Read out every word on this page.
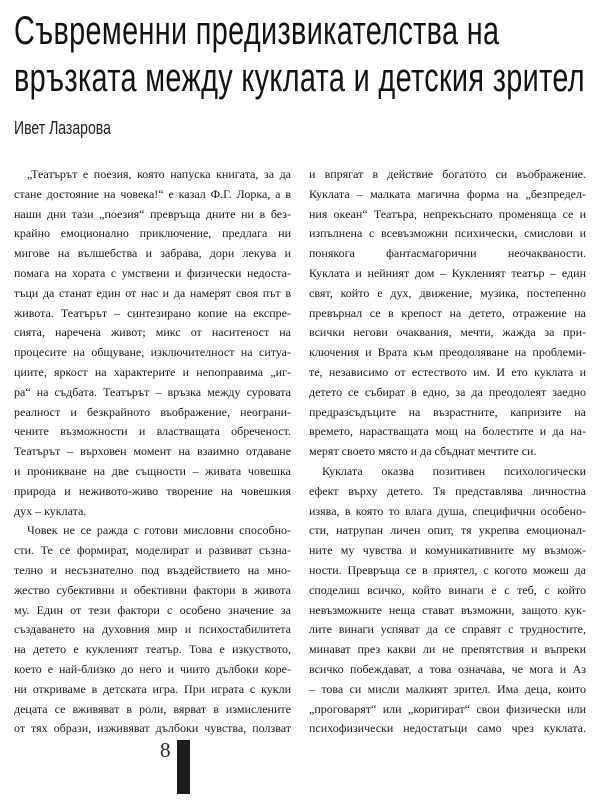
Съвременни предизвикателства на
връзката между куклата и детския зрител
Ивет Лазарова
„Театърът е поезия, която напуска книгата, за да
стане достояние на човека!“ е казал Ф.Г. Лорка, а в
наши дни тази „поезия“ превръща дните ни в без-
крайно емоционално приключение, предлага ни
мигове на вълшебства и забрава, дори лекува и
помага на хората с умствени и физически недоста-
тъци да станат един от нас и да намерят своя път в
живота. Театърът – синтезирано копие на експре-
сията, наречена живот; микс от наситеност на
процесите на общуване, изключителност на ситуа-
циите, яркост на характерите и непоправима „иг-
ра“ на съдбата. Театърът – връзка между суровата
реалност и безкрайното въображение, неограни-
чените възможности и властващата обреченост.
Театърът – върховен момент на взаимно отдаване
и проникване на две същности – живата човешка
природа и неживото-живо творение на човешкия
дух – куклата.
Човек не се ражда с готови мисловни способно-
сти. Те се формират, моделират и развиват съзна-
телно и несъзнателно под въздействието на мно-
жество субективни и обективни фактори в живота
му. Един от тези фактори с особено значение за
създаването на духовния мир и психостабилитета
на детето е кукленият театър. Това е изкуството,
което е най-близко до него и чиито дълбоки коре-
ни откриваме в детската игра. При играта с кукли
децата се вживяват в роли, вярват в измислените
от тях образи, изживяват дълбоки чувства, ползват
и впрягат в действие богатото си въображение.
Куклата – малката магична форма на „безпредел-
ния океан“ Театъра, непрекъснато променяща се и
изпълнена с всевъзможни психически, смислови и
понякога фантасмагорични неочакваности.
Куклата и нейният дом – Кукленият театър – един
свят, който е дух, движение, музика, постепенно
превърнал се в крепост на детето, отражение на
всички негови очаквания, мечти, жажда за при-
ключения и Врата към преодоляване на проблеми-
те, независимо от естеството им. И ето куклата и
детето се събират в едно, за да преодолеят заедно
предразсъдъците на възрастните, капризите на
времето, нарастващата мощ на болестите и да на-
мерят своето място и да сбъднат мечтите си.
Куклата оказва позитивен психологически
ефект върху детето. Тя представлява личностна
изява, в която то влага душа, специфични особено-
сти, натрупан личен опит, тя укрепва емоционал-
ните му чувства и комуникативните му възмож-
ности. Превръща се в приятел, с когото можеш да
споделиш всичко, който винаги е с теб, с който
невъзможните неща стават възможни, защото кук-
лите винаги успяват да се справят с трудностите,
минават през какви ли не препятствия и въпреки
всичко побеждават, а това означава, че мога и Аз
– това си мисли малкият зрител. Има деца, които
„проговарят“ или „коригират“ свои физически или
психофизически недостатъци само чрез куклата.
8
